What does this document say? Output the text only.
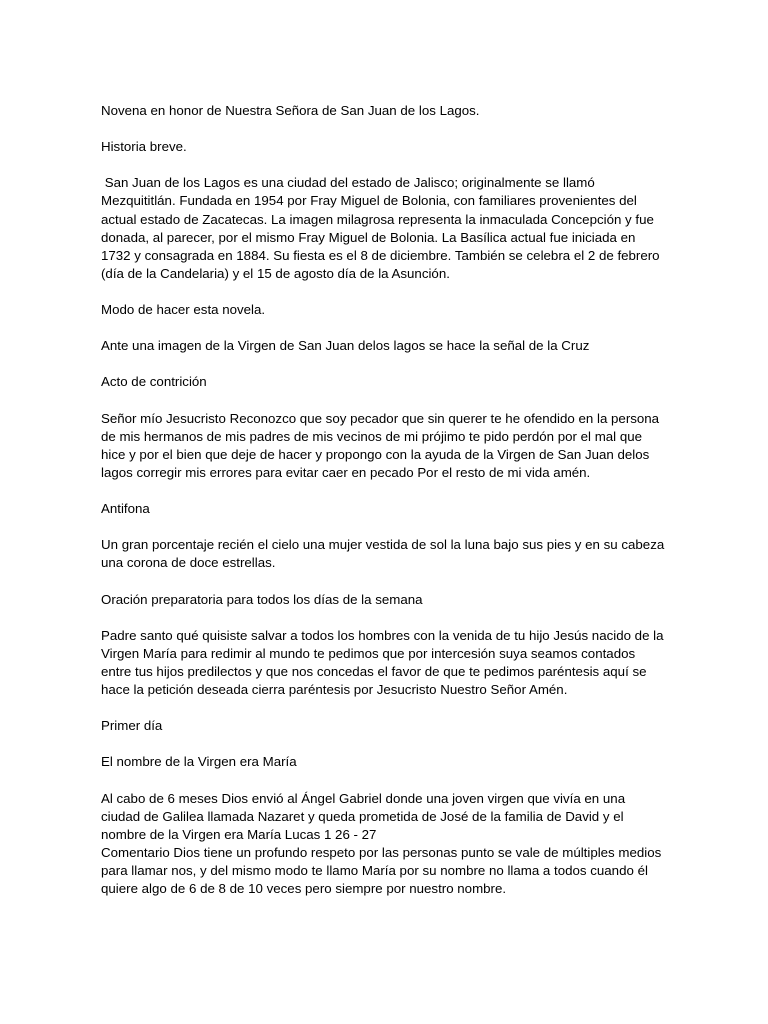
Novena en honor de Nuestra Señora de San Juan de los Lagos.

Historia breve.

San Juan de los Lagos es una ciudad del estado de Jalisco; originalmente se llamó
Mezquititlán. Fundada en 1954 por Fray Miguel de Bolonia, con familiares provenientes del
actual estado de Zacatecas. La imagen milagrosa representa la inmaculada Concepción y fue
donada, al parecer, por el mismo Fray Miguel de Bolonia. La Basílica actual fue iniciada en
1732 y consagrada en 1884. Su fiesta es el 8 de diciembre. También se celebra el 2 de febrero
(día de la Candelaria) y el 15 de agosto día de la Asunción.

Modo de hacer esta novela.

Ante una imagen de la Virgen de San Juan delos lagos se hace la señal de la Cruz

Acto de contrición

Señor mío Jesucristo Reconozco que soy pecador que sin querer te he ofendido en la persona
de mis hermanos de mis padres de mis vecinos de mi prójimo te pido perdón por el mal que
hice y por el bien que deje de hacer y propongo con la ayuda de la Virgen de San Juan delos
lagos corregir mis errores para evitar caer en pecado Por el resto de mi vida amén.

Antifona

Un gran porcentaje recién el cielo una mujer vestida de sol la luna bajo sus pies y en su cabeza
una corona de doce estrellas.

Oración preparatoria para todos los días de la semana

Padre santo qué quisiste salvar a todos los hombres con la venida de tu hijo Jesús nacido de la
Virgen María para redimir al mundo te pedimos que por intercesión suya seamos contados
entre tus hijos predilectos y que nos concedas el favor de que te pedimos paréntesis aquí se
hace la petición deseada cierra paréntesis por Jesucristo Nuestro Señor Amén.

Primer día

El nombre de la Virgen era María

Al cabo de 6 meses Dios envió al Ángel Gabriel donde una joven virgen que vivía en una
ciudad de Galilea llamada Nazaret y queda prometida de José de la familia de David y el
nombre de la Virgen era María Lucas 1 26 - 27

Comentario Dios tiene un profundo respeto por las personas punto se vale de múltiples medios
para llamar nos, y del mismo modo te llamo María por su nombre no llama a todos cuando él
quiere algo de 6 de 8 de 10 veces pero siempre por nuestro nombre.
